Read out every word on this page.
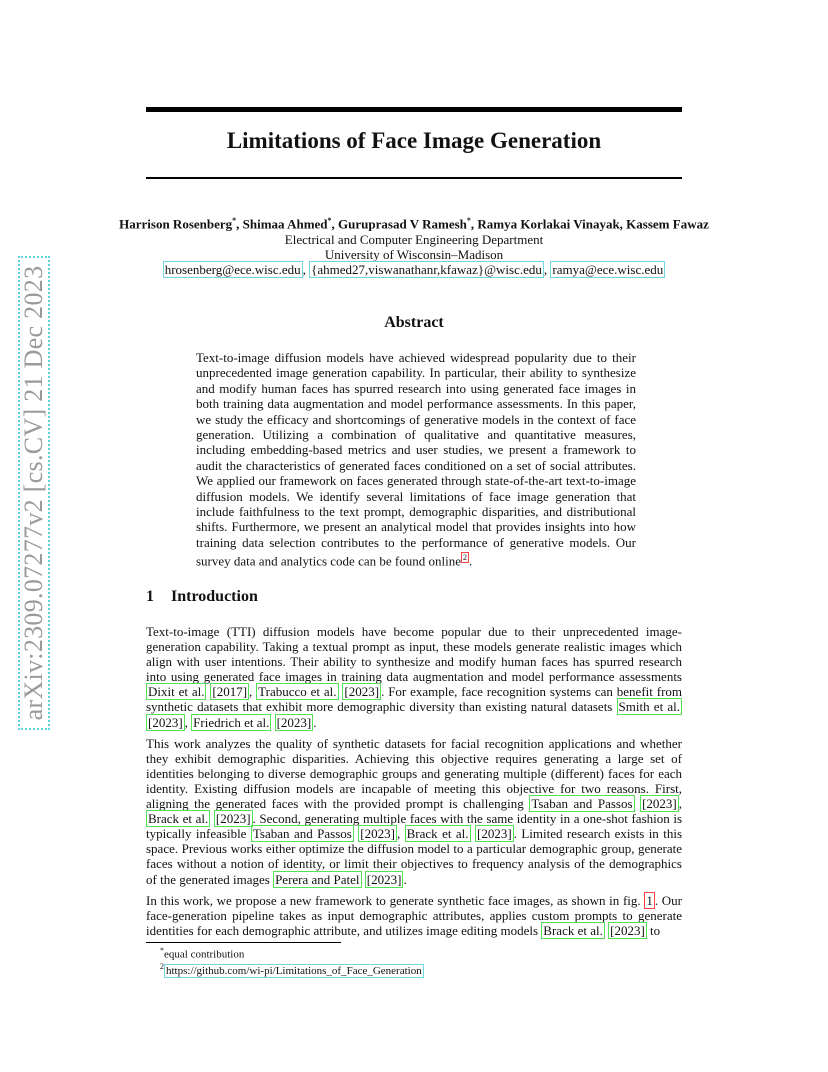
arXiv:2309.07277v2 [cs.CV] 21 Dec 2023
Limitations of Face Image Generation
Harrison Rosenberg*, Shimaa Ahmed*, Guruprasad V Ramesh*, Ramya Korlakai Vinayak, Kassem Fawaz
Electrical and Computer Engineering Department
University of Wisconsin–Madison
hrosenberg@ece.wisc.edu , {ahmed27,viswanathanr,kfawaz}@wisc.edu , ramya@ece.wisc.edu
Abstract
Text-to-image diffusion models have achieved widespread popularity due to their unprecedented image generation capability. In particular, their ability to synthesize and modify human faces has spurred research into using generated face images in both training data augmentation and model performance assessments. In this paper, we study the efficacy and shortcomings of generative models in the context of face generation. Utilizing a combination of qualitative and quantitative measures, including embedding-based metrics and user studies, we present a framework to audit the characteristics of generated faces conditioned on a set of social attributes. We applied our framework on faces generated through state-of-the-art text-to-image diffusion models. We identify several limitations of face image generation that include faithfulness to the text prompt, demographic disparities, and distributional shifts. Furthermore, we present an analytical model that provides insights into how training data selection contributes to the performance of generative models. Our survey data and analytics code can be found online $^2$ .
1 Introduction

Text-to-image (TTI) diffusion models have become popular due to their unprecedented image-generation capability. Taking a textual prompt as input, these models generate realistic images which align with user intentions. Their ability to synthesize and modify human faces has spurred research into using generated face images in training data augmentation and model performance assessments Dixit et al. [2017] , Trabucco et al. [2023] . For example, face recognition systems can benefit from synthetic datasets that exhibit more demographic diversity than existing natural datasets Smith et al. [2023] , Friedrich et al. [2023] .

This work analyzes the quality of synthetic datasets for facial recognition applications and whether they exhibit demographic disparities. Achieving this objective requires generating a large set of identities belonging to diverse demographic groups and generating multiple (different) faces for each identity. Existing diffusion models are incapable of meeting this objective for two reasons. First, aligning the generated faces with the provided prompt is challenging Tsaban and Passos [2023] , Brack et al. [2023] . Second, generating multiple faces with the same identity in a one-shot fashion is typically infeasible Tsaban and Passos [2023] , Brack et al. [2023] . Limited research exists in this space. Previous works either optimize the diffusion model to a particular demographic group, generate faces without a notion of identity, or limit their objectives to frequency analysis of the demographics of the generated images Perera and Patel [2023] .

In this work, we propose a new framework to generate synthetic face images, as shown in fig. 1 . Our face-generation pipeline takes as input demographic attributes, applies custom prompts to generate identities for each demographic attribute, and utilizes image editing models Brack et al. [2023] to

*equal contribution
$^2$ https://github.com/wi-pi/Limitations_of_Face_Generation
